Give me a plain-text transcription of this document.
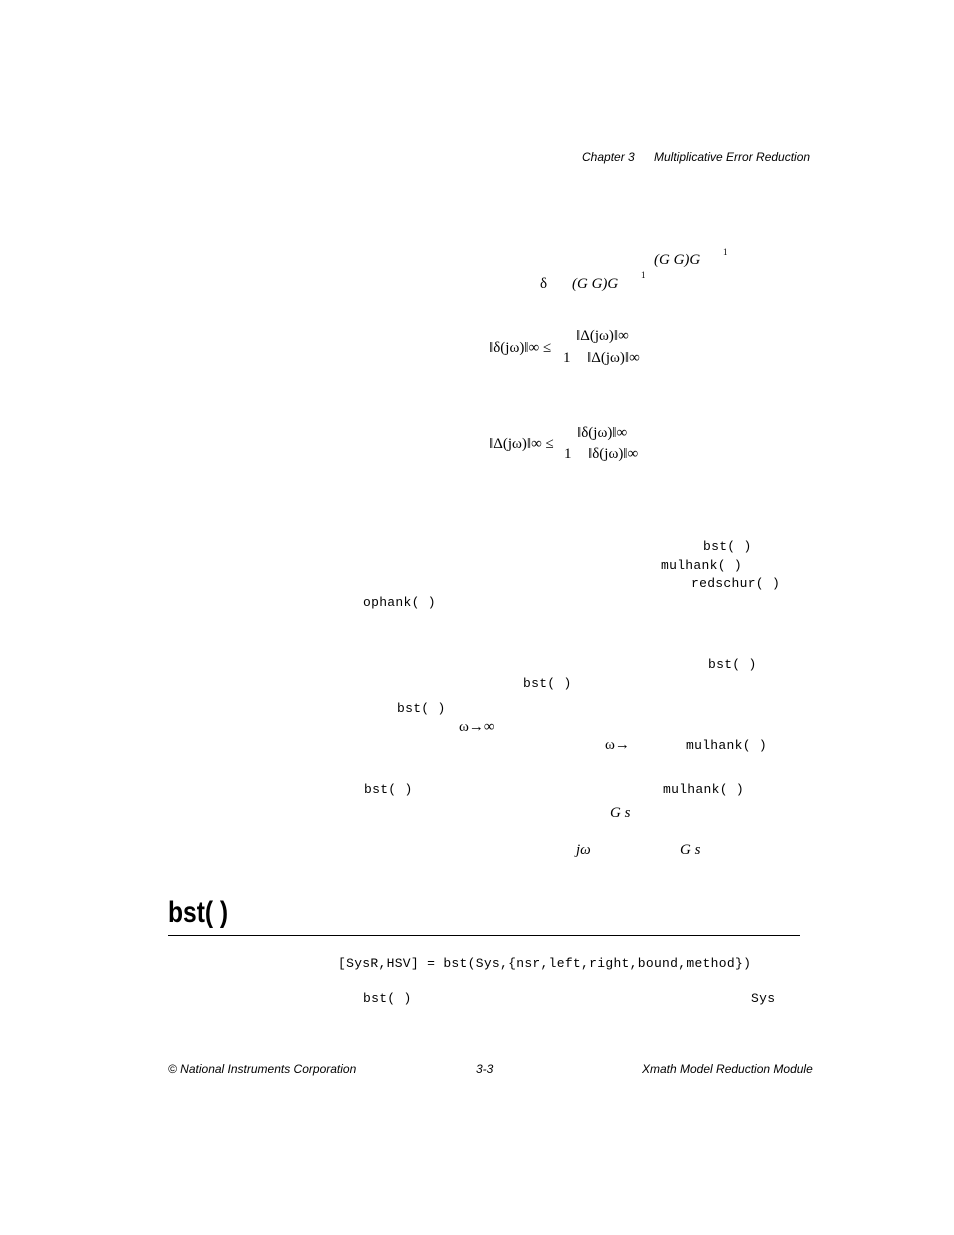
Chapter 3 Multiplicative Error Reduction
(G G)G	1
δ (G G)G
1
‖δ(jω)‖∞ ≤
‖Δ(jω)‖∞
1 ‖Δ(jω)‖∞
‖Δ(jω)‖∞ ≤
‖δ(jω)‖∞
1 ‖δ(jω)‖∞
bst( )
mulhank( )
redschur( )
ophank( )
bst( )
bst( )
bst( )
ω→∞
ω→	mulhank( )
bst( )	mulhank( )
G s
jω	G s
bst( )
[SysR,HSV] = bst(Sys,{nsr,left,right,bound,method})
bst( )	Sys
© National Instruments Corporation	3-3	Xmath Model Reduction Module
